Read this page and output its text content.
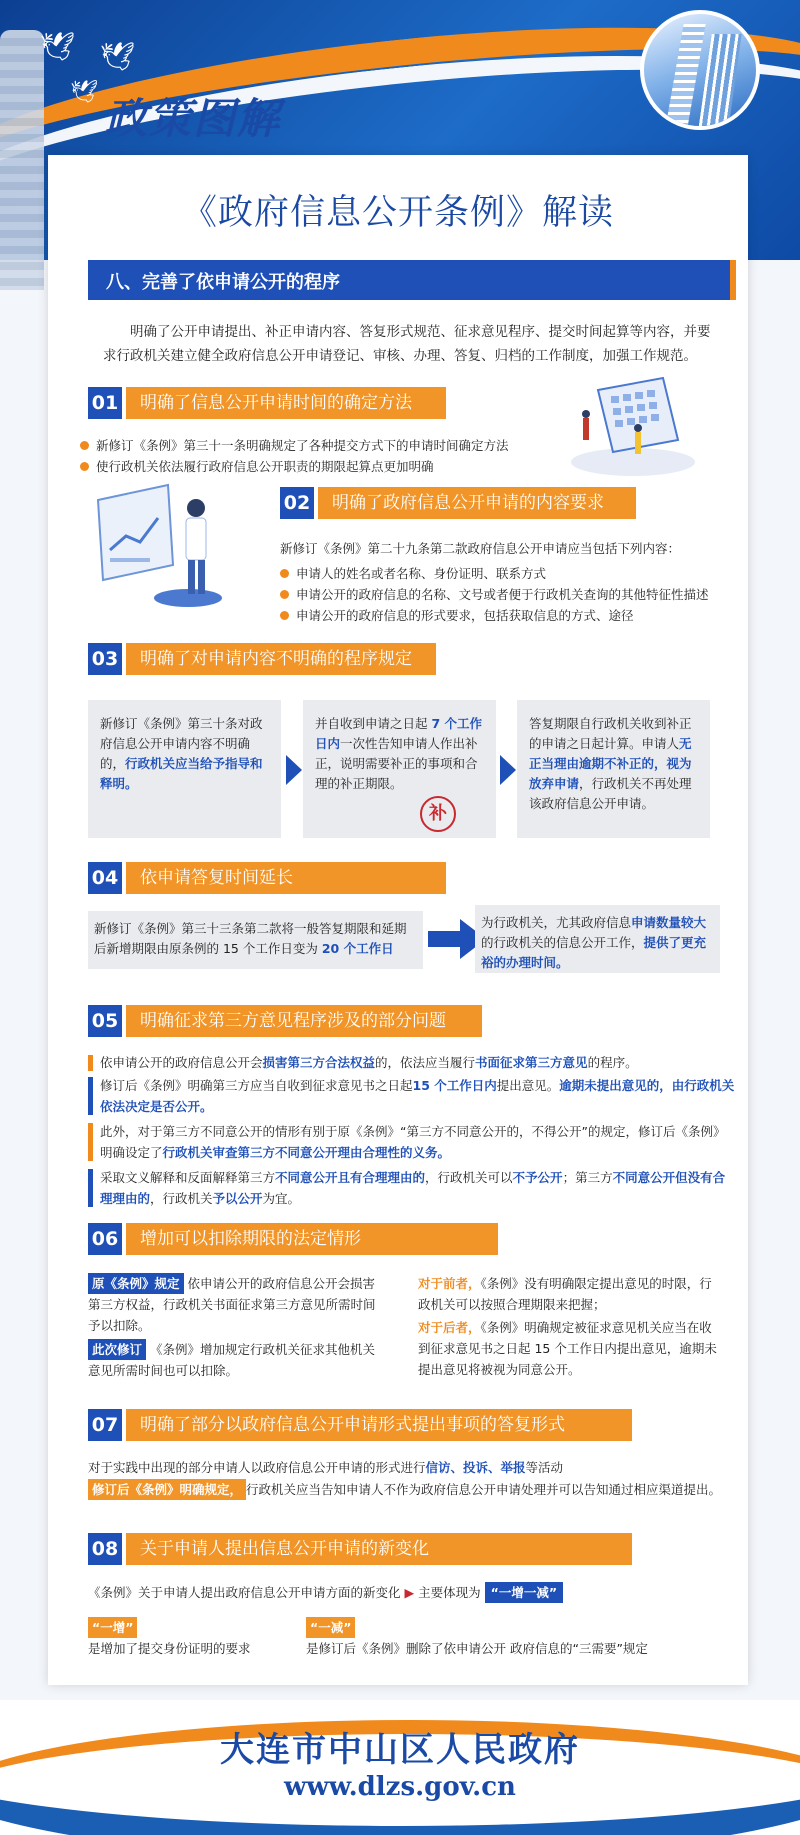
🕊 🕊
🕊
政策图解
《政府信息公开条例》解读
八、完善了依申请公开的程序
明确了公开申请提出、补正申请内容、答复形式规范、征求意见程序、提交时间起算等内容，并要求行政机关建立健全政府信息公开申请登记、审核、办理、答复、归档的工作制度，加强工作规范。
01	明确了信息公开申请时间的确定方法
新修订《条例》第三十一条明确规定了各种提交方式下的申请时间确定方法
使行政机关依法履行政府信息公开职责的期限起算点更加明确
02	明确了政府信息公开申请的内容要求
新修订《条例》第二十九条第二款政府信息公开申请应当包括下列内容：
申请人的姓名或者名称、身份证明、联系方式
申请公开的政府信息的名称、文号或者便于行政机关查询的其他特征性描述
申请公开的政府信息的形式要求，包括获取信息的方式、途径
03	明确了对申请内容不明确的程序规定
新修订《条例》第三十条对政府信息公开申请内容不明确的，行政机关应当给予指导和释明。
并自收到申请之日起 7 个工作日内一次性告知申请人作出补正，说明需要补正的事项和合理的补正期限。
补
答复期限自行政机关收到补正的申请之日起计算。申请人无正当理由逾期不补正的，视为放弃申请，行政机关不再处理该政府信息公开申请。
04	依申请答复时间延长
新修订《条例》第三十三条第二款将一般答复期限和延期后新增期限由原条例的 15 个工作日变为 20 个工作日
为行政机关，尤其政府信息申请数量较大的行政机关的信息公开工作，提供了更充裕的办理时间。
05	明确征求第三方意见程序涉及的部分问题
依申请公开的政府信息公开会损害第三方合法权益的，依法应当履行书面征求第三方意见的程序。
修订后《条例》明确第三方应当自收到征求意见书之日起15 个工作日内提出意见。逾期未提出意见的，由行政机关依法决定是否公开。
此外，对于第三方不同意公开的情形有别于原《条例》“第三方不同意公开的，不得公开”的规定，修订后《条例》明确设定了行政机关审查第三方不同意公开理由合理性的义务。
采取文义解释和反面解释第三方不同意公开且有合理理由的，行政机关可以不予公开；第三方不同意公开但没有合理理由的，行政机关予以公开为宜。
06	增加可以扣除期限的法定情形
原《条例》规定 依申请公开的政府信息公开会损害第三方权益，行政机关书面征求第三方意见所需时间予以扣除。
此次修订 《条例》增加规定行政机关征求其他机关意见所需时间也可以扣除。
对于前者，《条例》没有明确限定提出意见的时限，行政机关可以按照合理期限来把握；
对于后者，《条例》明确规定被征求意见机关应当在收到征求意见书之日起 15 个工作日内提出意见，逾期未提出意见将被视为同意公开。
07	明确了部分以政府信息公开申请形式提出事项的答复形式
对于实践中出现的部分申请人以政府信息公开申请的形式进行信访、投诉、举报等活动
修订后《条例》明确规定， 行政机关应当告知申请人不作为政府信息公开申请处理并可以告知通过相应渠道提出。
08	关于申请人提出信息公开申请的新变化
《条例》关于申请人提出政府信息公开申请方面的新变化 ▶ 主要体现为 “一增一减”
“一增”
是增加了提交身份证明的要求
“一减”
是修订后《条例》删除了依申请公开 政府信息的“三需要”规定
大连市中山区人民政府
www.dlzs.gov.cn
